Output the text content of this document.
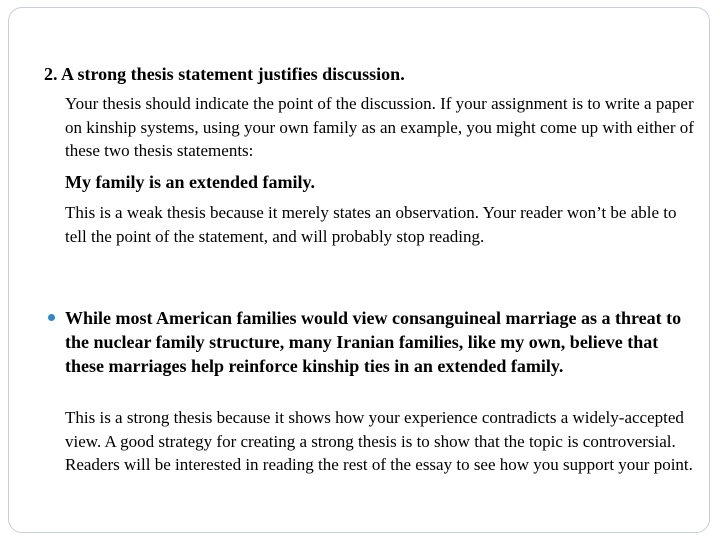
2. A strong thesis statement justifies discussion.

Your thesis should indicate the point of the discussion. If your assignment is to write a paper on kinship systems, using your own family as an example, you might come up with either of these two thesis statements:

My family is an extended family.

This is a weak thesis because it merely states an observation. Your reader won’t be able to tell the point of the statement, and will probably stop reading.

While most American families would view consanguineal marriage as a threat to the nuclear family structure, many Iranian families, like my own, believe that these marriages help reinforce kinship ties in an extended family.

This is a strong thesis because it shows how your experience contradicts a widely-accepted view. A good strategy for creating a strong thesis is to show that the topic is controversial. Readers will be interested in reading the rest of the essay to see how you support your point.
